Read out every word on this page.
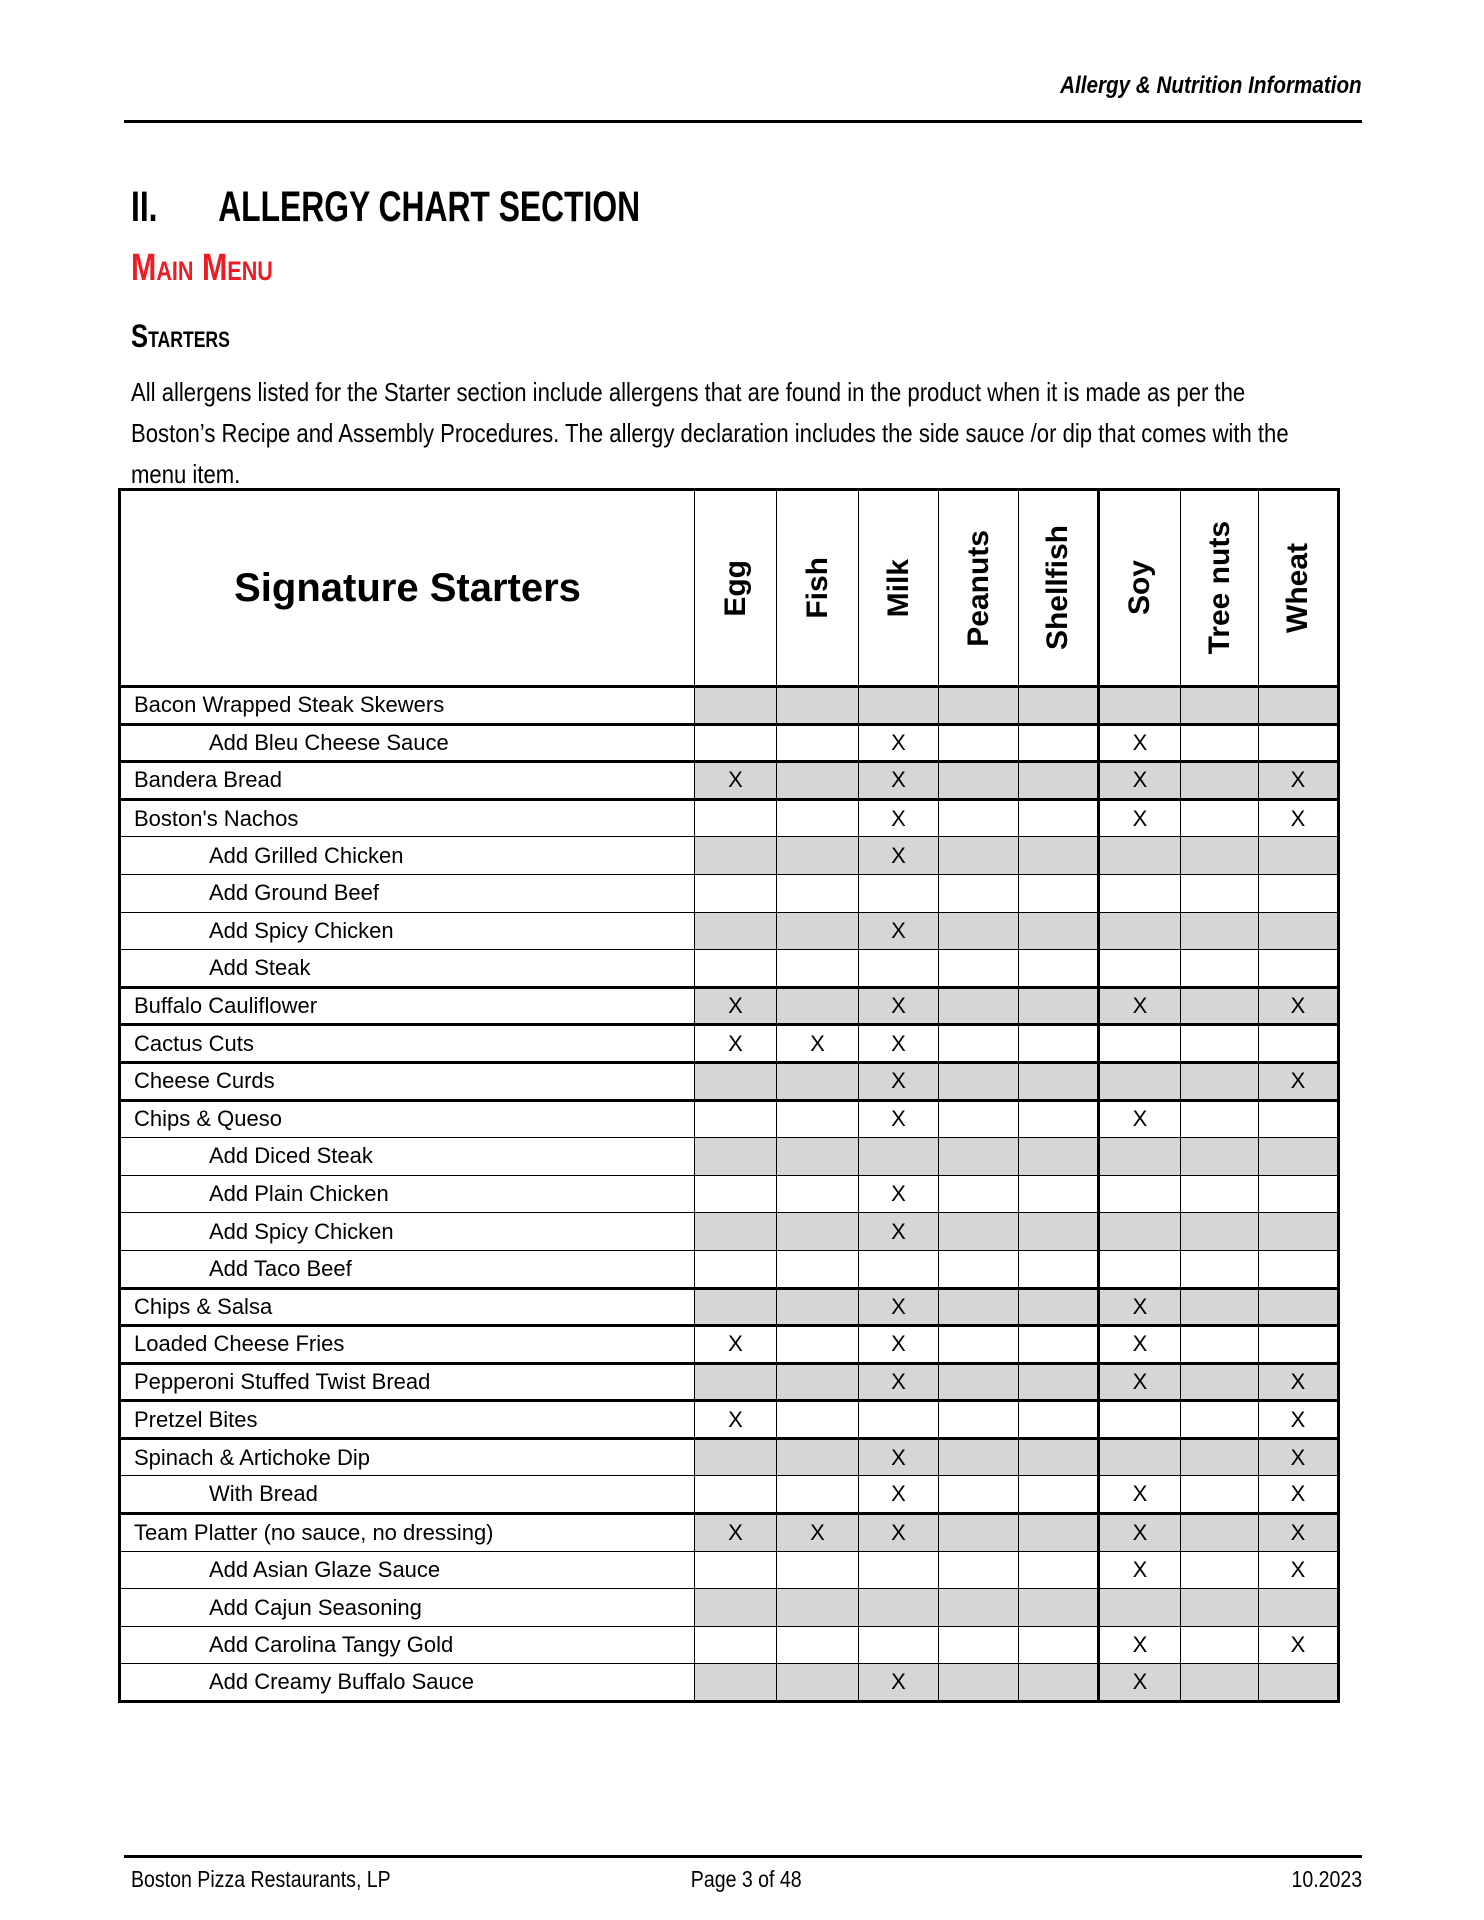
Allergy & Nutrition Information
II. ALLERGY CHART SECTION
Main Menu
Starters
All allergens listed for the Starter section include allergens that are found in the product when it is made as per the
Boston’s Recipe and Assembly Procedures. The allergy declaration includes the side sauce /or dip that comes with the
menu item.
Signature Starters	Egg	Fish	Milk	Peanuts	Shellfish	Soy	Tree nuts	Wheat

Bacon Wrapped Steak Skewers								
Add Bleu Cheese Sauce			X			X		
Bandera Bread	X		X			X		X
Boston's Nachos			X			X		X
Add Grilled Chicken			X					
Add Ground Beef								
Add Spicy Chicken			X					
Add Steak								
Buffalo Cauliflower	X		X			X		X
Cactus Cuts	X	X	X					
Cheese Curds			X					X
Chips & Queso			X			X		
Add Diced Steak								
Add Plain Chicken			X					
Add Spicy Chicken			X					
Add Taco Beef								
Chips & Salsa			X			X		
Loaded Cheese Fries	X		X			X		
Pepperoni Stuffed Twist Bread			X			X		X
Pretzel Bites	X							X
Spinach & Artichoke Dip			X					X
With Bread			X			X		X
Team Platter (no sauce, no dressing)	X	X	X			X		X
Add Asian Glaze Sauce						X		X
Add Cajun Seasoning								
Add Carolina Tangy Gold						X		X
Add Creamy Buffalo Sauce			X			X		
Boston Pizza Restaurants, LP	Page 3 of 48	10.2023
